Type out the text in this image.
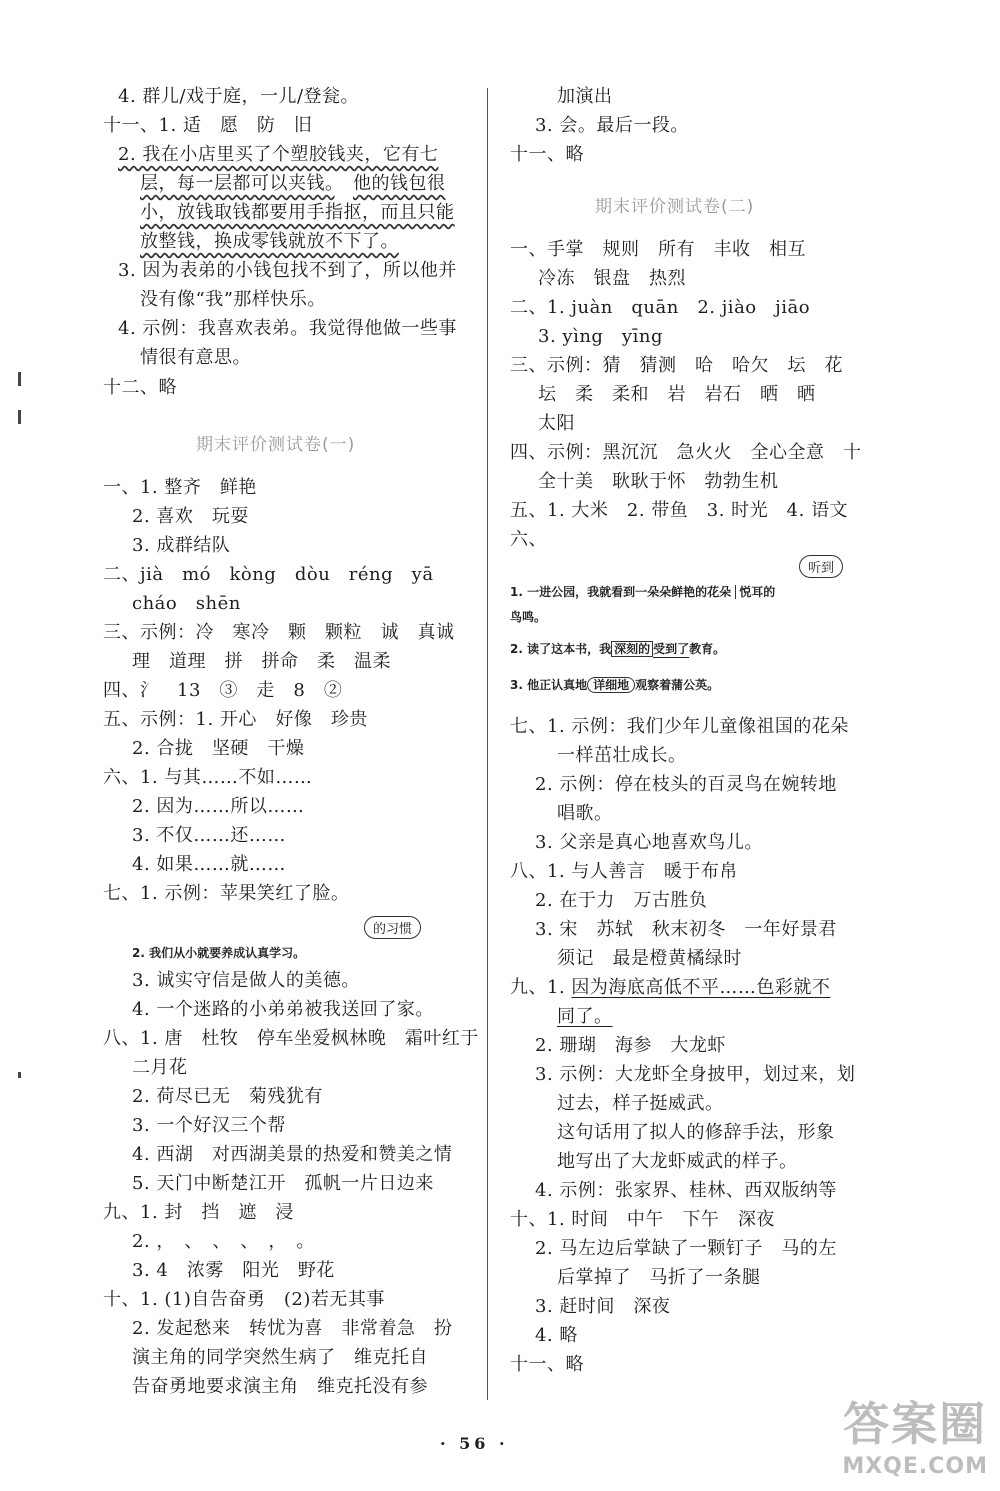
4. 群儿/戏于庭，一儿/登瓮。
十一、1. 适　愿　防　旧
2. 我在小店里买了个塑胶钱夹，它有七
层，每一层都可以夹钱。　 他的钱包很
小，放钱取钱都要用手指抠，而且只能
放整钱，换成零钱就放不下了。
3. 因为表弟的小钱包找不到了，所以他并
没有像“我”那样快乐。
4. 示例：我喜欢表弟。我觉得他做一些事
情很有意思。
十二、略
期末评价测试卷(一)
一、1. 整齐　鲜艳
2. 喜欢　玩耍
3. 成群结队
二、jià　mó　kòng　dòu　réng　yā
cháo　shēn
三、示例：冷　寒冷　颗　颗粒　诚　真诚
理　道理　拼　拼命　柔　温柔
四、氵　13　③　走　8　②
五、示例：1. 开心　好像　珍贵
2. 合拢　坚硬　干燥
六、1. 与其……不如……
2. 因为……所以……
3. 不仅……还……
4. 如果……就……
七、1. 示例：苹果笑红了脸。
2. 我们从小就要养成认真学习。
的习惯
3. 诚实守信是做人的美德。
4. 一个迷路的小弟弟被我送回了家。
八、1. 唐　杜牧　停车坐爱枫林晚　霜叶红于
二月花
2. 荷尽已无　菊残犹有
3. 一个好汉三个帮
4. 西湖　对西湖美景的热爱和赞美之情
5. 天门中断楚江开　孤帆一片日边来
九、1. 封　挡　遮　浸
2. ，　、　、　、　，　。
3. 4　浓雾　阳光　野花
十、1. (1)自告奋勇　(2)若无其事
2. 发起愁来　转忧为喜　非常着急　扮
演主角的同学突然生病了　维克托自
告奋勇地要求演主角　维克托没有参
加演出
3. 会。最后一段。
十一、略
期末评价测试卷(二)
一、手掌　规则　所有　丰收　相互
冷冻　银盘　热烈
二、1. juàn　quān　2. jiào　jiāo
3. yìng　yīng
三、示例：猜　猜测　哈　哈欠　坛　花
坛　柔　柔和　岩　岩石　晒　晒
太阳
四、示例：黑沉沉　急火火　全心全意　十
全十美　耿耿于怀　勃勃生机
五、1. 大米　2. 带鱼　3. 时光　4. 语文
六、
1. 一进公园，我就看到一朵朵鲜艳的花朵 悦耳的
听到
鸟鸣。
2. 读了这本书，我 深刻的 受到了教育。
3. 他正认真地 详细地 观察着蒲公英。
七、1. 示例：我们少年儿童像祖国的花朵
一样茁壮成长。
2. 示例：停在枝头的百灵鸟在婉转地
唱歌。
3. 父亲是真心地喜欢鸟儿。
八、1. 与人善言　暖于布帛
2. 在于力　万古胜负
3. 宋　苏轼　秋末初冬　一年好景君
须记　最是橙黄橘绿时
九、1. 因为海底高低不平……色彩就不
同了。
2. 珊瑚　海参　大龙虾
3. 示例：大龙虾全身披甲，划过来，划
过去，样子挺威武。
这句话用了拟人的修辞手法，形象
地写出了大龙虾威武的样子。
4. 示例：张家界、桂林、西双版纳等
十、1. 时间　中午　下午　深夜
2. 马左边后掌缺了一颗钉子　马的左
后掌掉了　马折了一条腿
3. 赶时间　深夜
4. 略
十一、略
· 56 ·	答案圈
MXQE.COM
